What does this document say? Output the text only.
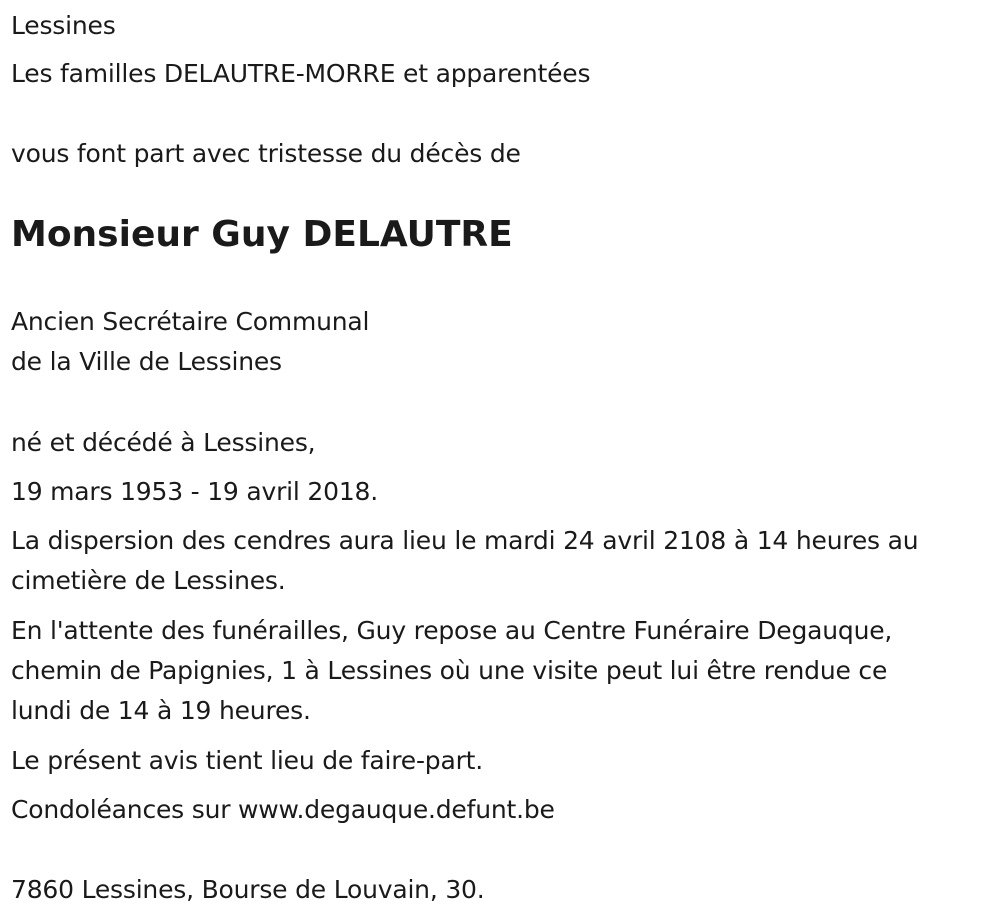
Lessines

Les familles DELAUTRE-MORRE et apparentées

vous font part avec tristesse du décès de

Monsieur Guy DELAUTRE

Ancien Secrétaire Communal

de la Ville de Lessines

né et décédé à Lessines,

19 mars 1953 - 19 avril 2018.

La dispersion des cendres aura lieu le mardi 24 avril 2108 à 14 heures au

cimetière de Lessines.

En l'attente des funérailles, Guy repose au Centre Funéraire Degauque,

chemin de Papignies, 1 à Lessines où une visite peut lui être rendue ce

lundi de 14 à 19 heures.

Le présent avis tient lieu de faire-part.

Condoléances sur www.degauque.defunt.be

7860 Lessines, Bourse de Louvain, 30.
